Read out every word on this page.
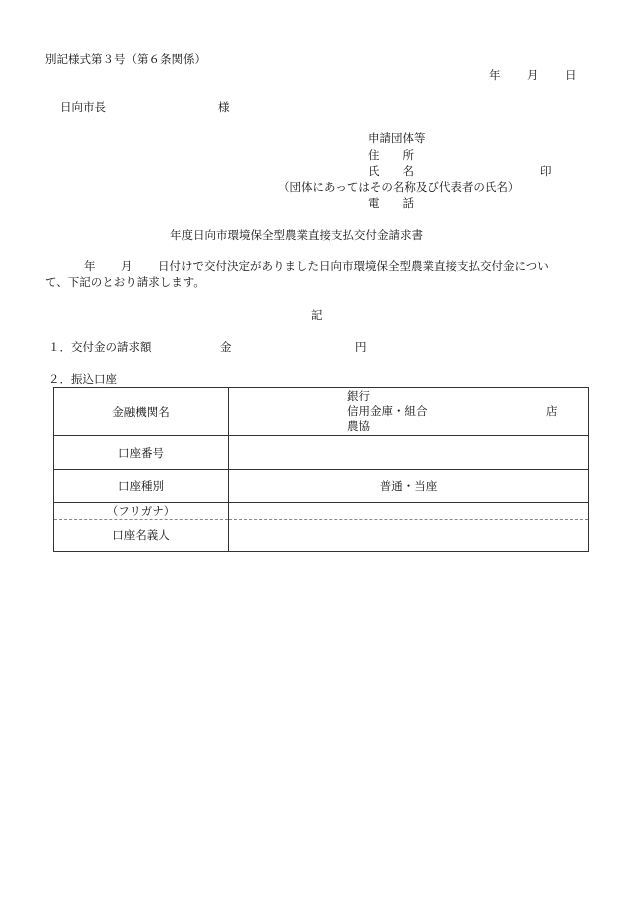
別記様式第３号（第６条関係）
年 月 日
日向市長	様
申請団体等
住　　所
氏　　名	印
（団体にあってはその名称及び代表者の氏名）
電　　話
年度日向市環境保全型農業直接支払交付金請求書
年 月 日付けで交付決定がありました日向市環境保全型農業直接支払交付金につい
て、下記のとおり請求します。
記
１．交付金の請求額	金	円
２．振込口座
金融機関名	銀行
信用金庫・組合
農協
店

口座番号	
口座種別	普通・当座

（フリガナ）
口座名義人	
